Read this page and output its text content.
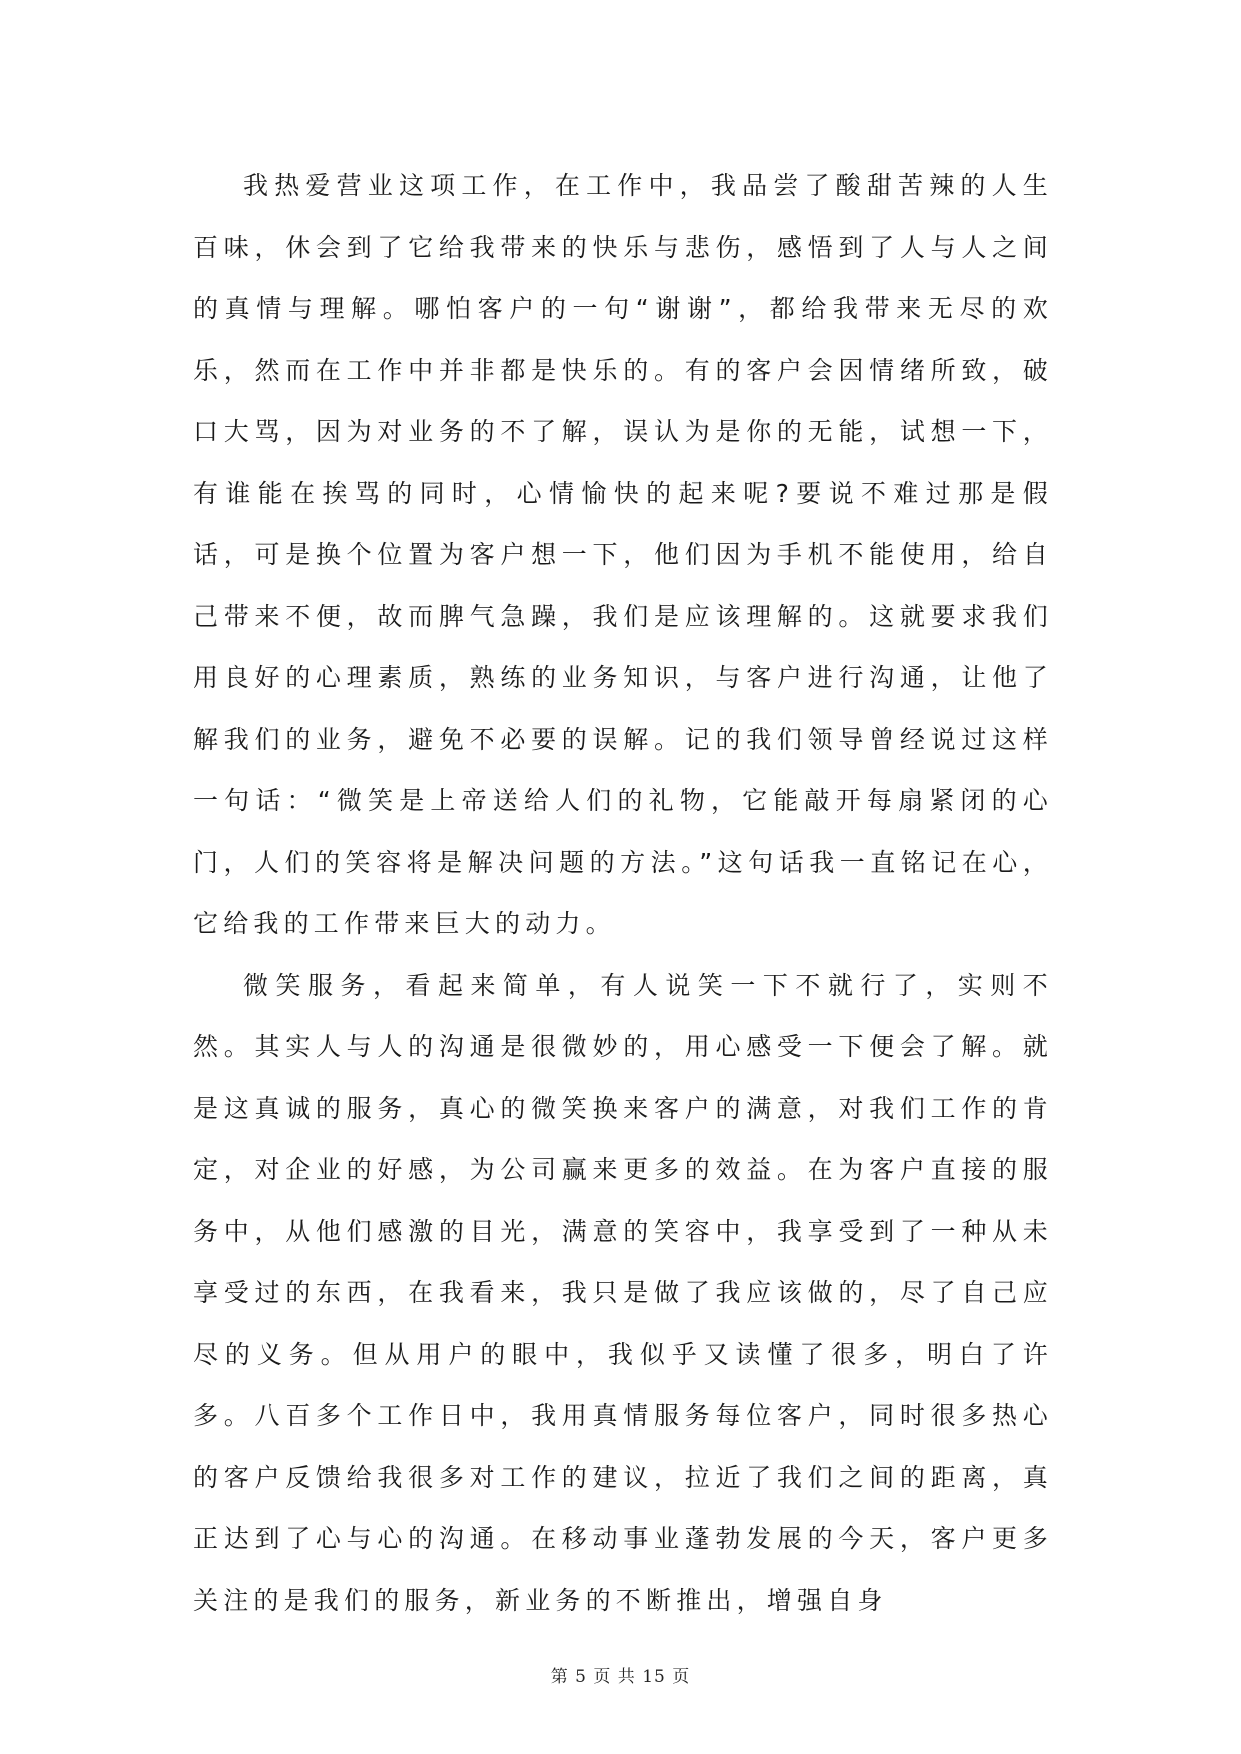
我热爱营业这项工作，在工作中，我品尝了酸甜苦辣的人生百味，休会到了它给我带来的快乐与悲伤，感悟到了人与人之间的真情与理解。哪怕客户的一句“谢谢”，都给我带来无尽的欢乐，然而在工作中并非都是快乐的。有的客户会因情绪所致，破口大骂，因为对业务的不了解，误认为是你的无能，试想一下，有谁能在挨骂的同时，心情愉快的起来呢?要说不难过那是假话，可是换个位置为客户想一下，他们因为手机不能使用，给自己带来不便，故而脾气急躁，我们是应该理解的。这就要求我们用良好的心理素质，熟练的业务知识，与客户进行沟通，让他了解我们的业务，避免不必要的误解。记的我们领导曾经说过这样一句话：“微笑是上帝送给人们的礼物，它能敲开每扇紧闭的心门，人们的笑容将是解决问题的方法。”这句话我一直铭记在心，它给我的工作带来巨大的动力。

微笑服务，看起来简单，有人说笑一下不就行了，实则不然。其实人与人的沟通是很微妙的，用心感受一下便会了解。就是这真诚的服务，真心的微笑换来客户的满意，对我们工作的肯定，对企业的好感，为公司赢来更多的效益。在为客户直接的服务中，从他们感激的目光，满意的笑容中，我享受到了一种从未享受过的东西，在我看来，我只是做了我应该做的，尽了自己应尽的义务。但从用户的眼中，我似乎又读懂了很多，明白了许多。八百多个工作日中，我用真情服务每位客户，同时很多热心的客户反馈给我很多对工作的建议，拉近了我们之间的距离，真正达到了心与心的沟通。在移动事业蓬勃发展的今天，客户更多关注的是我们的服务，新业务的不断推出，增强自身

第 5 页 共 15 页
